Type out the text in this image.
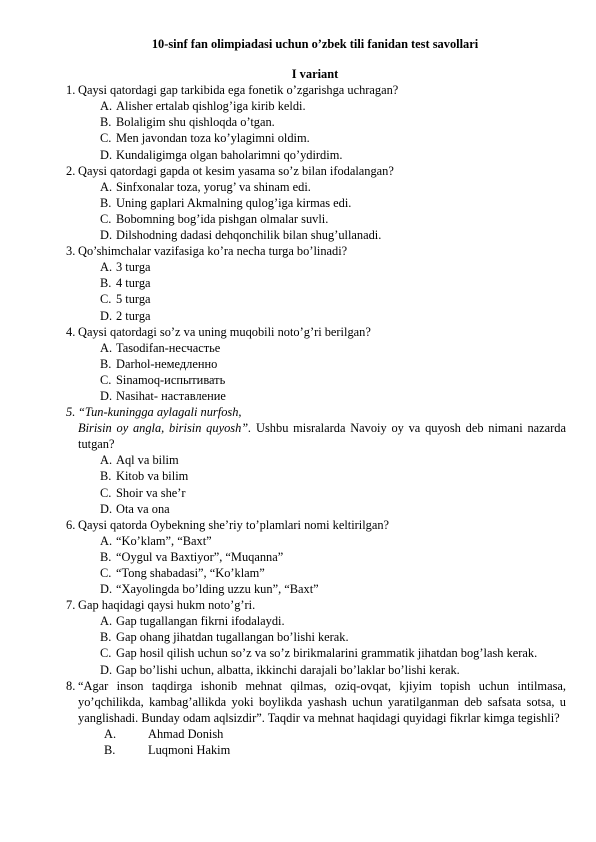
10-sinf fan olimpiadasi uchun o’zbek tili fanidan test savollari
I variant
1. Qaysi qatordagi gap tarkibida ega fonetik o’zgarishga uchragan?
A. Alisher ertalab qishlog’iga kirib keldi.
B. Bolaligim shu qishloqda o’tgan.
C. Men javondan toza ko’ylagimni oldim.
D. Kundaligimga olgan baholarimni qo’ydirdim.
2. Qaysi qatordagi gapda ot kesim yasama so’z bilan ifodalangan?
A. Sinfxonalar toza, yorug’ va shinam edi.
B. Uning gaplari Akmalning qulog’iga kirmas edi.
C. Bobomning bog’ida pishgan olmalar suvli.
D. Dilshodning dadasi dehqonchilik bilan shug’ullanadi.
3. Qo’shimchalar vazifasiga ko’ra necha turga bo’linadi?
A. 3 turga
B. 4 turga
C. 5 turga
D. 2 turga
4. Qaysi qatordagi so’z va uning muqobili noto’g’ri berilgan?
A. Tasodifan-несчастье
B. Darhol-немедленно
C. Sinamoq-испытивать
D. Nasihat- наставление
5. “Tun-kuningga aylagali nurfosh,
Birisin oy angla, birisin quyosh”. Ushbu misralarda Navoiy oy va quyosh deb nimani nazarda tutgan?
A. Aql va bilim
B. Kitob va bilim
C. Shoir va she’r
D. Ota va ona
6. Qaysi qatorda Oybekning she’riy to’plamlari nomi keltirilgan?
A. “Ko’klam”, “Baxt”
B. “Oygul va Baxtiyor”, “Muqanna”
C. “Tong shabadasi”, “Ko’klam”
D. “Xayolingda bo’lding uzzu kun”, “Baxt”
7. Gap haqidagi qaysi hukm noto’g’ri.
A. Gap tugallangan fikrni ifodalaydi.
B. Gap ohang jihatdan tugallangan bo’lishi kerak.
C. Gap hosil qilish uchun so’z va so’z birikmalarini grammatik jihatdan bog’lash kerak.
D. Gap bo’lishi uchun, albatta, ikkinchi darajali bo’laklar bo’lishi kerak.
8. “Agar inson taqdirga ishonib mehnat qilmas, oziq-ovqat, kjiyim topish uchun intilmasa, yo’qchilikda, kambag’allikda yoki boylikda yashash uchun yaratilganman deb safsata sotsa, u yanglishadi. Bunday odam aqlsizdir”. Taqdir va mehnat haqidagi quyidagi fikrlar kimga tegishli?
A.	Ahmad Donish
B.	Luqmoni Hakim
